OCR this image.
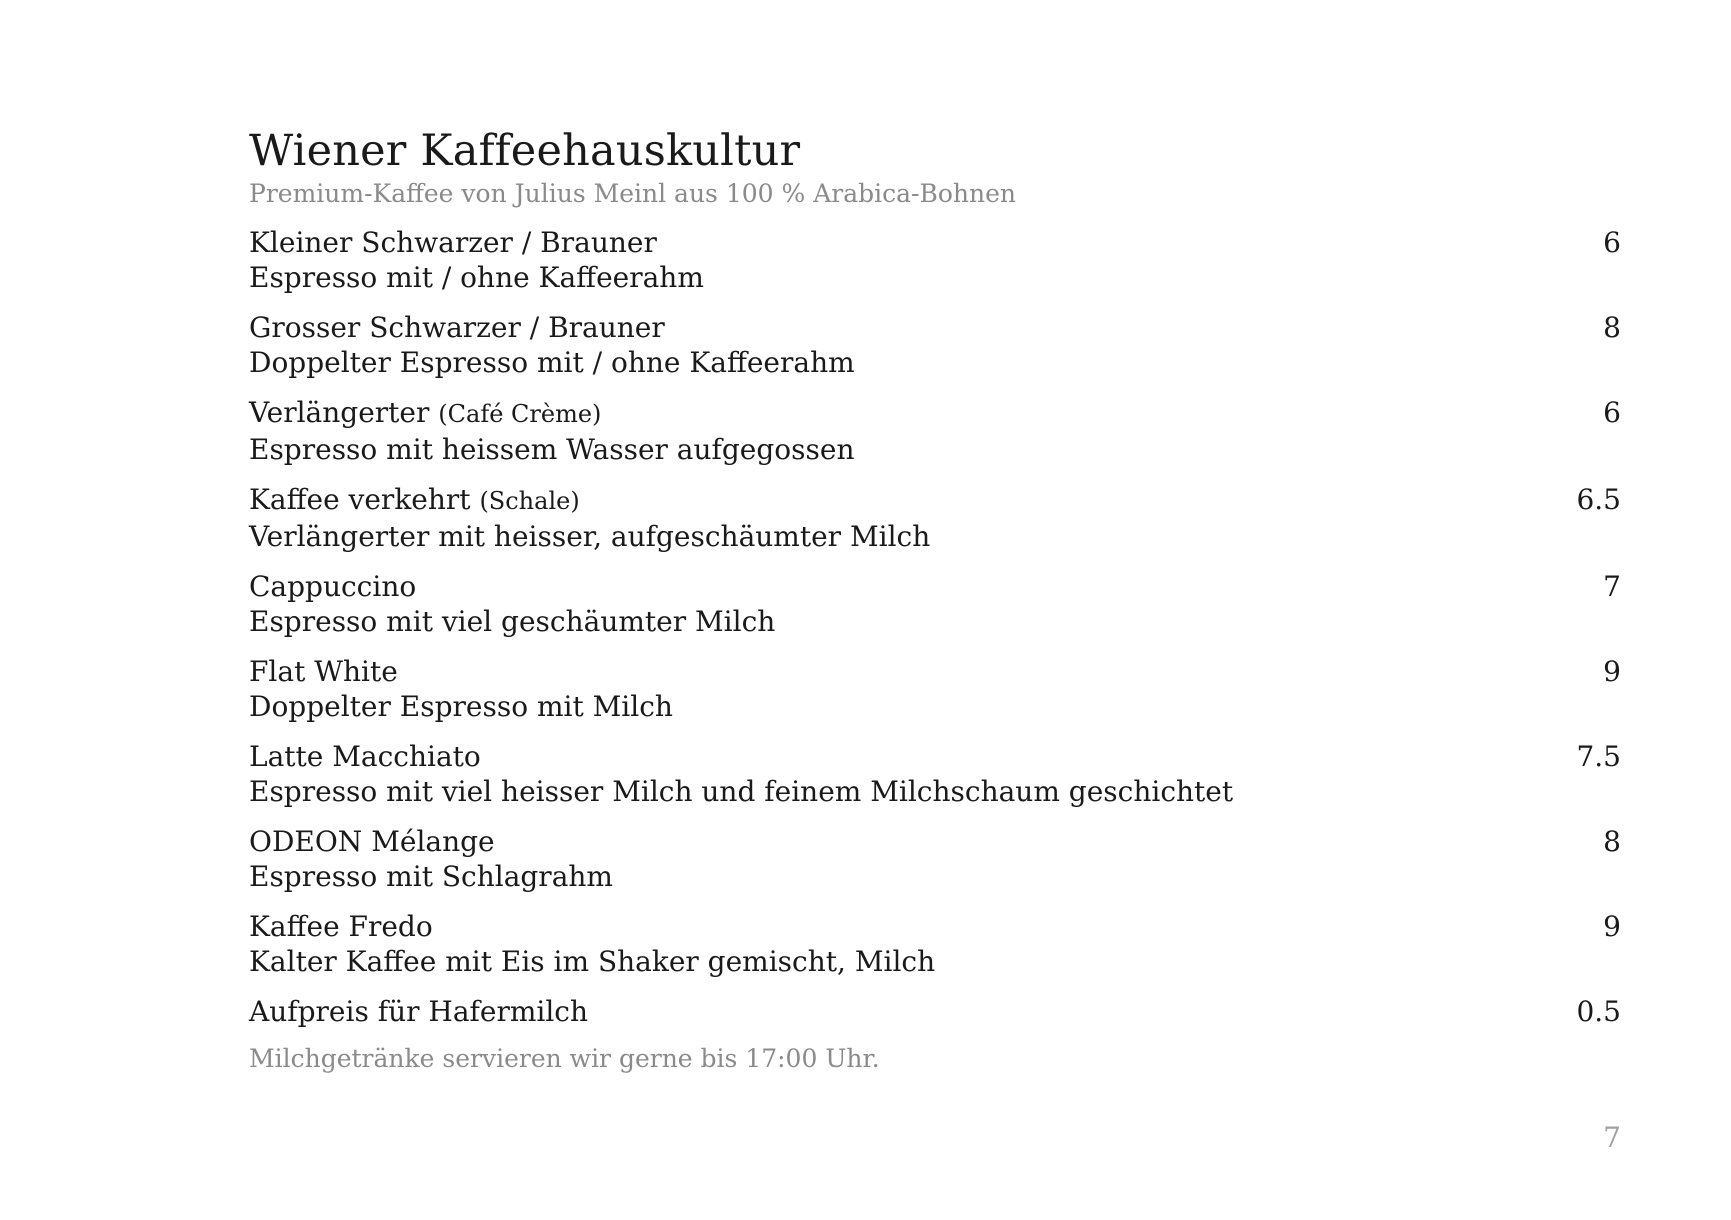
Wiener Kaffeehauskultur
Premium-Kaffee von Julius Meinl aus 100 % Arabica-Bohnen
Kleiner Schwarzer / Brauner	6
Espresso mit / ohne Kaffeerahm
Grosser Schwarzer / Brauner	8
Doppelter Espresso mit / ohne Kaffeerahm
Verlängerter (Café Crème)	6
Espresso mit heissem Wasser aufgegossen
Kaffee verkehrt (Schale)	6.5
Verlängerter mit heisser, aufgeschäumter Milch
Cappuccino	7
Espresso mit viel geschäumter Milch
Flat White	9
Doppelter Espresso mit Milch
Latte Macchiato	7.5
Espresso mit viel heisser Milch und feinem Milchschaum geschichtet
ODEON Mélange	8
Espresso mit Schlagrahm
Kaffee Fredo	9
Kalter Kaffee mit Eis im Shaker gemischt, Milch
Aufpreis für Hafermilch	0.5
Milchgetränke servieren wir gerne bis 17:00 Uhr.
7
